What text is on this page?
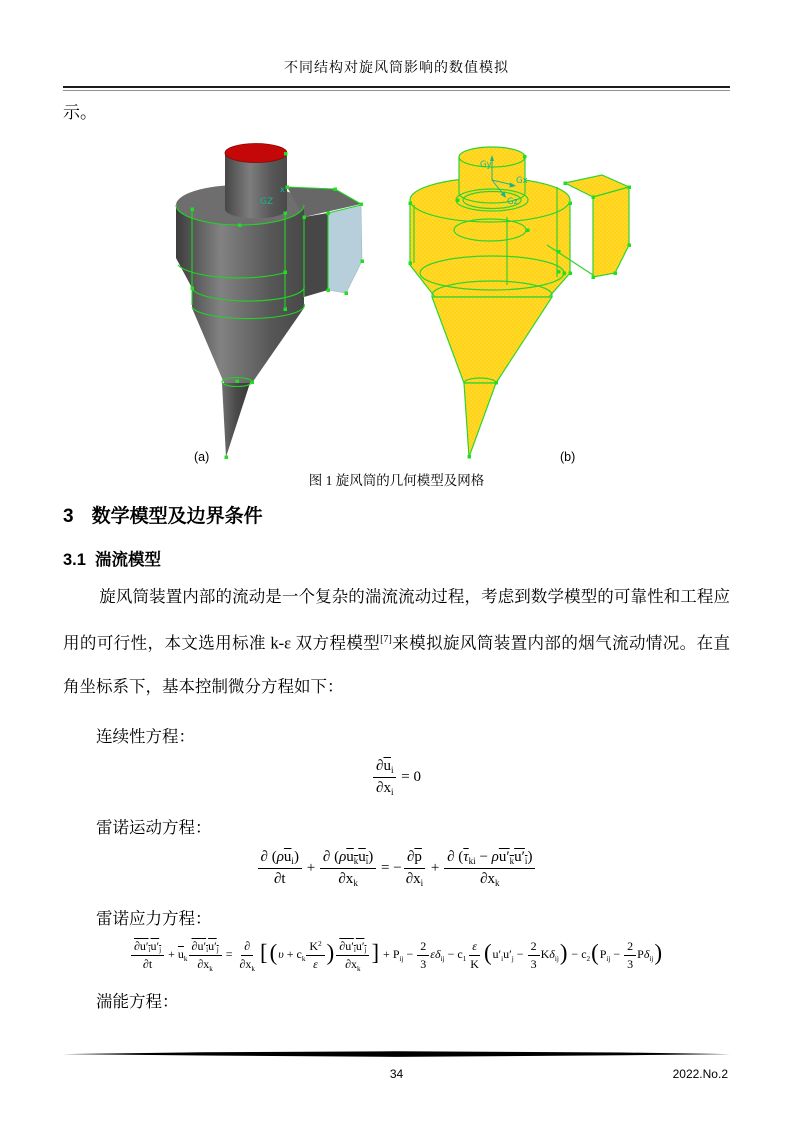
不同结构对旋风筒影响的数值模拟
示。
x
GZ
(a)
Gy
Gx
Gz
(b)
图 1 旋风筒的几何模型及网格
3 数学模型及边界条件
3.1 湍流模型
旋风筒装置内部的流动是一个复杂的湍流流动过程，考虑到数学模型的可靠性和工程应用的可行性，本文选用标准 k-ε 双方程模型[7]来模拟旋风筒装置内部的烟气流动情况。在直角坐标系下，基本控制微分方程如下：
连续性方程：
$\frac{\partial\overline{u}_i}{\partial x_i} = 0$
雷诺运动方程：
$\frac{\partial (\rho\overline{u}_i)}{\partial t} + \frac{\partial (\rho u_ku_i)}{\partial x_k}$ = − $\frac{\partial\overline{p}}{\partial x_i} + \frac{\partial (\overline{\tau}_{ki} - \rho u'_ku'_i)}{\partial x_k}$
雷诺应力方程：
$\frac{\partial u'_iu'_j}{\partial t} + \overline{u}_k \frac{\partial u'_iu'_j}{\partial x_k} = \frac{\partial}{\partial x_k} [(\upsilon + c_k \frac{K^2}{\varepsilon}$ ) $\frac{\partial u'_iu'_j}{\partial x_k}$ ] + $P_{ij} - \frac{2}{3} \varepsilon\delta_{ij} - c_1 \frac{\varepsilon}{K} (u'_iu'_j - \frac{2}{3} K\delta_{ij}) - c_2(P_{ij} - \frac{2}{3} P\delta_{ij})$
湍能方程：
34	2022.No.2
